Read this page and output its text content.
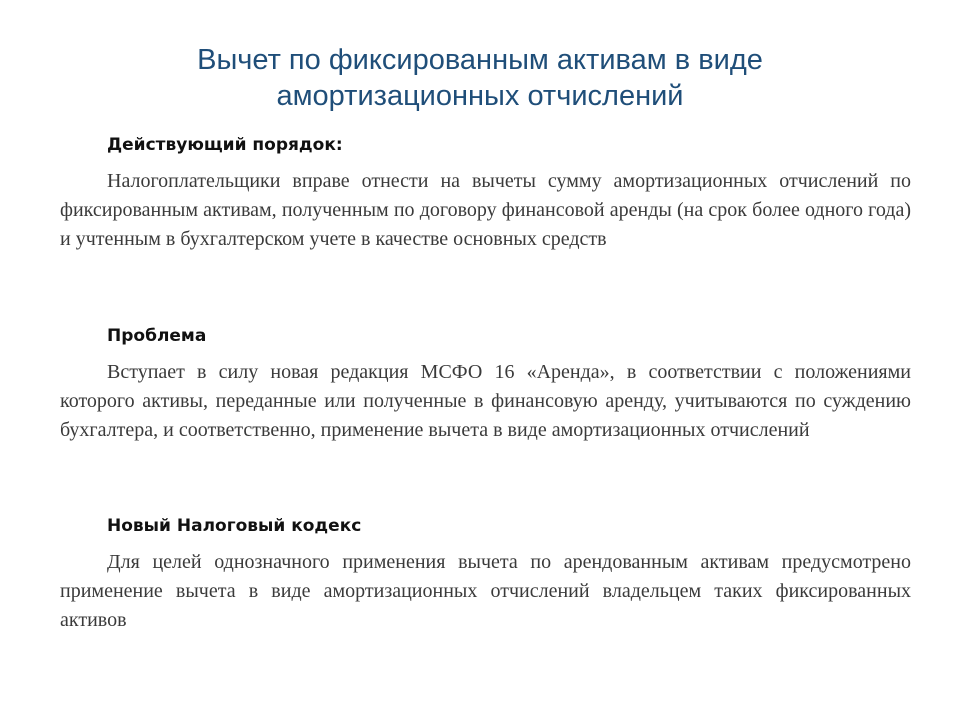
Вычет по фиксированным активам в виде
амортизационных отчислений

Действующий порядок:

Налогоплательщики вправе отнести на вычеты сумму амортизационных отчислений по фиксированным активам, полученным по договору финансовой аренды (на срок более одного года) и учтенным в бухгалтерском учете в качестве основных средств

Проблема

Вступает в силу новая редакция МСФО 16 «Аренда», в соответствии с положениями которого активы, переданные или полученные в финансовую аренду, учитываются по суждению бухгалтера, и соответственно, применение вычета в виде амортизационных отчислений

Новый Налоговый кодекс

Для целей однозначного применения вычета по арендованным активам предусмотрено применение вычета в виде амортизационных отчислений владельцем таких фиксированных активов
